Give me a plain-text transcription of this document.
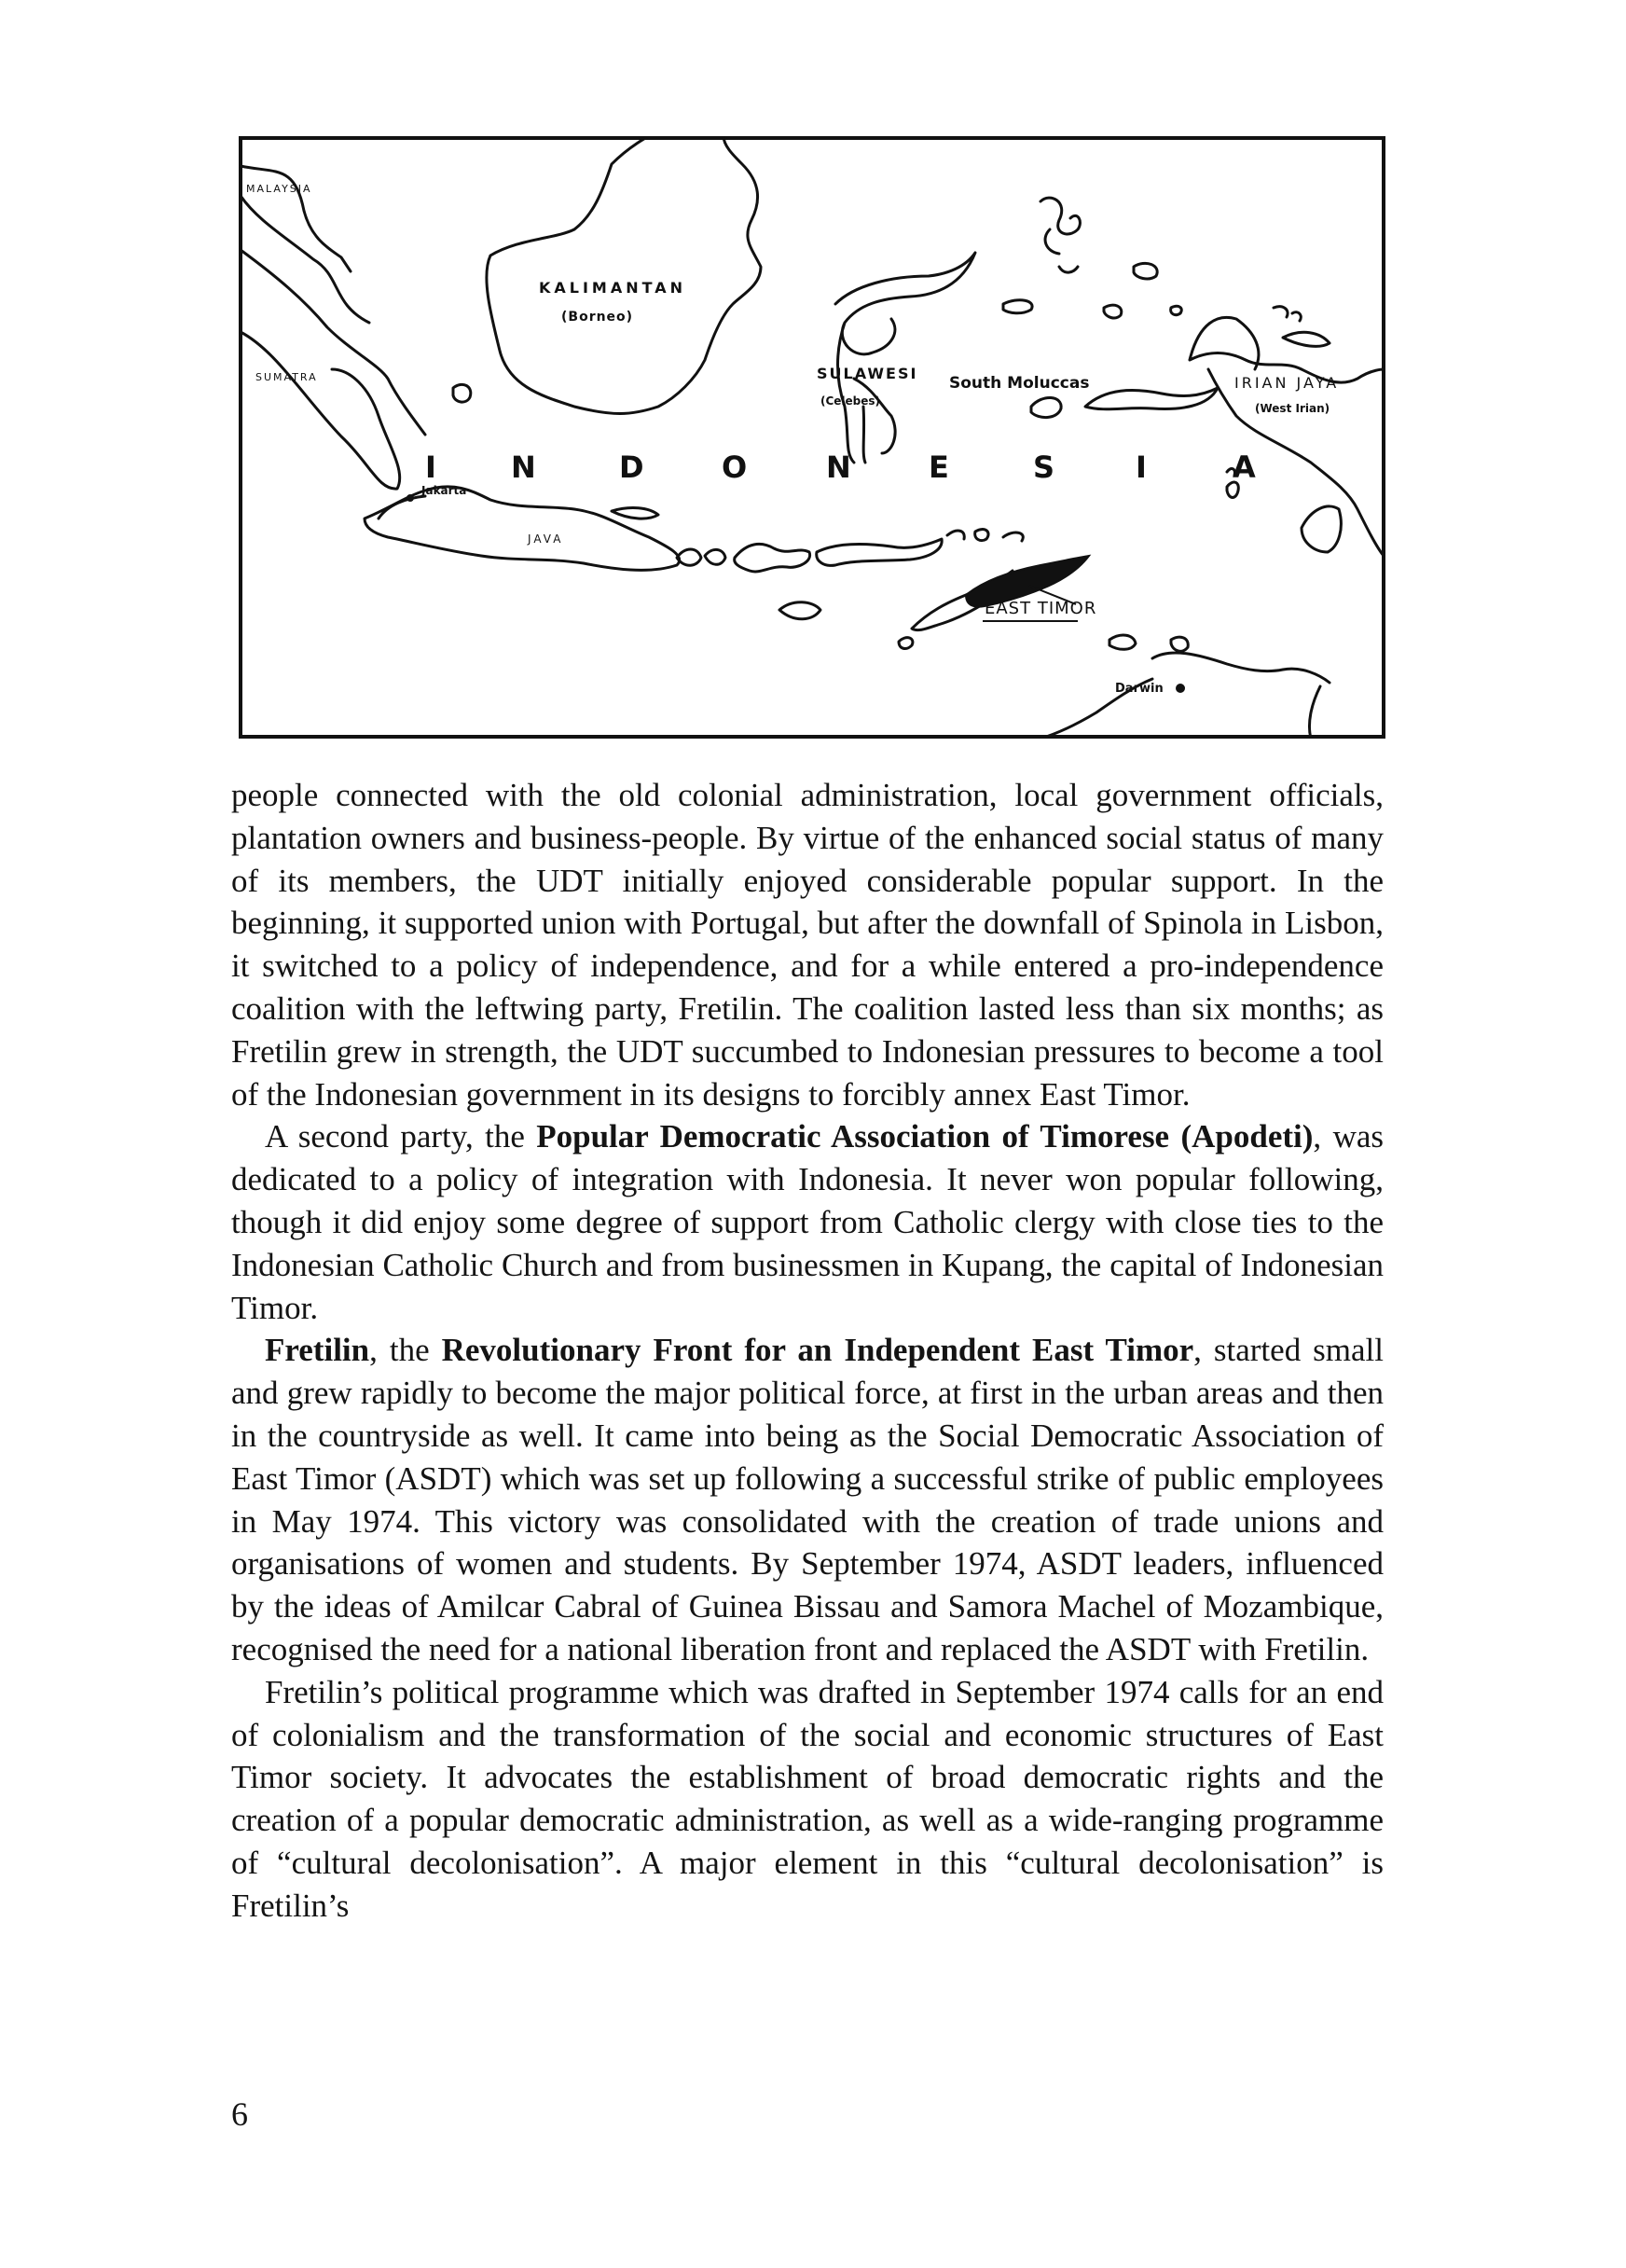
MALAYSIA
KALIMANTAN
(Borneo)
SUMATRA
Jakarta
JAVA
SULAWESI
(Celebes)
South Moluccas	IRIAN JAYA
(West Irian)
EAST TIMOR
Darwin
I	N	D	O	N	E	S	I	A

people connected with the old colonial administration, local government officials, plantation owners and business-people. By virtue of the enhanced social status of many of its members, the UDT initially enjoyed considerable popular support. In the beginning, it supported union with Portugal, but after the downfall of Spinola in Lisbon, it switched to a policy of independence, and for a while entered a pro-independence coalition with the leftwing party, Fretilin. The coalition lasted less than six months; as Fretilin grew in strength, the UDT succumbed to Indonesian pressures to become a tool of the Indonesian government in its designs to forcibly annex East Timor.

A second party, the Popular Democratic Association of Timorese (Apodeti), was dedicated to a policy of integration with Indonesia. It never won popular following, though it did enjoy some degree of support from Catholic clergy with close ties to the Indonesian Catholic Church and from businessmen in Kupang, the capital of Indonesian Timor.

Fretilin, the Revolutionary Front for an Independent East Timor, started small and grew rapidly to become the major political force, at first in the urban areas and then in the countryside as well. It came into being as the Social Democratic Association of East Timor (ASDT) which was set up following a successful strike of public employees in May 1974. This victory was consolidated with the creation of trade unions and organisations of women and students. By September 1974, ASDT leaders, influenced by the ideas of Amilcar Cabral of Guinea Bissau and Samora Machel of Mozambique, recognised the need for a national liberation front and replaced the ASDT with Fretilin.

Fretilin’s political programme which was drafted in September 1974 calls for an end of colonialism and the transformation of the social and economic structures of East Timor society. It advocates the establishment of broad democratic rights and the creation of a popular democratic administration, as well as a wide-ranging programme of “cultural decolonisation”. A major element in this “cultural decolonisation” is Fretilin’s

6
